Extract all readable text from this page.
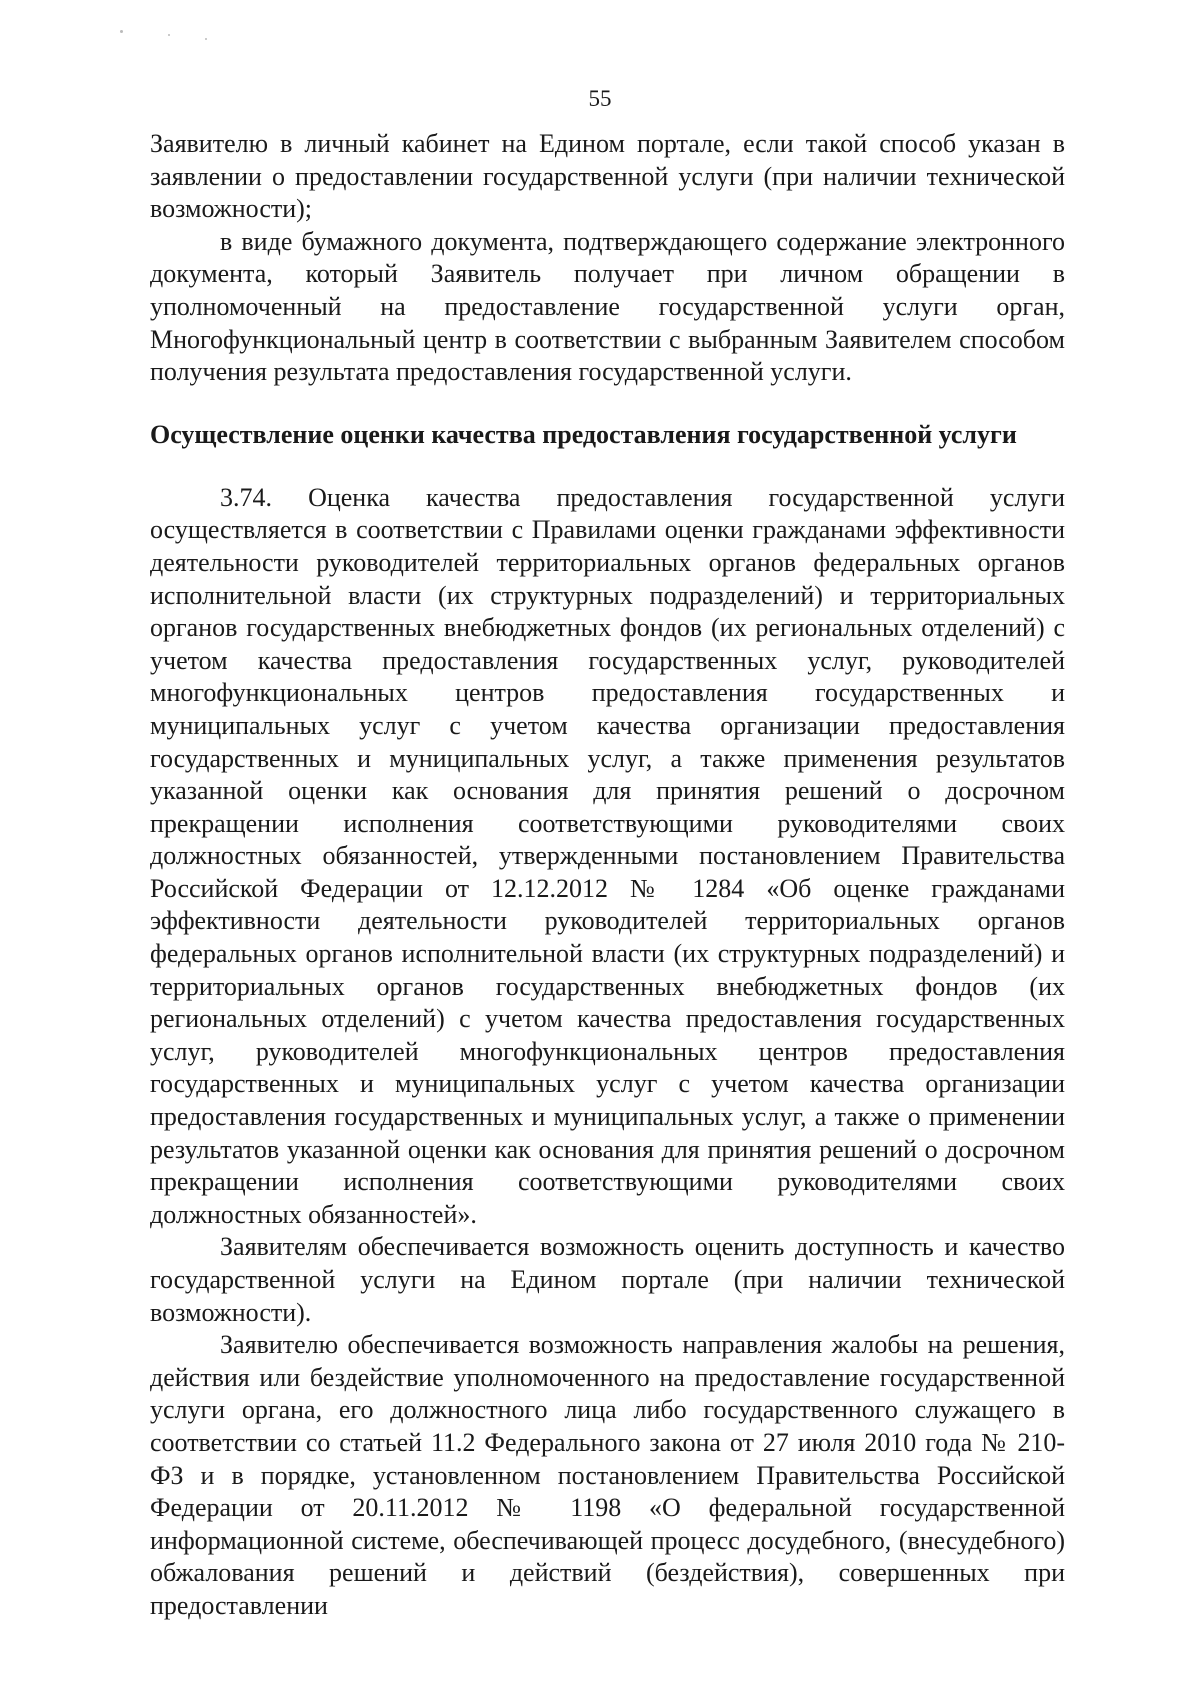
55

Заявителю в личный кабинет на Едином портале, если такой способ указан в заявлении о предоставлении государственной услуги (при наличии технической возможности);

в виде бумажного документа, подтверждающего содержание электронного документа, который Заявитель получает при личном обращении в уполномоченный на предоставление государственной услуги орган, Многофункциональный центр в соответствии с выбранным Заявителем способом получения результата предоставления государственной услуги.

Осуществление оценки качества предоставления государственной услуги

3.74. Оценка качества предоставления государственной услуги осуществляется в соответствии с Правилами оценки гражданами эффективности деятельности руководителей территориальных органов федеральных органов исполнительной власти (их структурных подразделений) и территориальных органов государственных внебюджетных фондов (их региональных отделений) с учетом качества предоставления государственных услуг, руководителей многофункциональных центров предоставления государственных и муниципальных услуг с учетом качества организации предоставления государственных и муниципальных услуг, а также применения результатов указанной оценки как основания для принятия решений о досрочном прекращении исполнения соответствующими руководителями своих должностных обязанностей, утвержденными постановлением Правительства Российской Федерации от 12.12.2012 № 1284 «Об оценке гражданами эффективности деятельности руководителей территориальных органов федеральных органов исполнительной власти (их структурных подразделений) и территориальных органов государственных внебюджетных фондов (их региональных отделений) с учетом качества предоставления государственных услуг, руководителей многофункциональных центров предоставления государственных и муниципальных услуг с учетом качества организации предоставления государственных и муниципальных услуг, а также о применении результатов указанной оценки как основания для принятия решений о досрочном прекращении исполнения соответствующими руководителями своих должностных обязанностей».

Заявителям обеспечивается возможность оценить доступность и качество государственной услуги на Едином портале (при наличии технической возможности).

Заявителю обеспечивается возможность направления жалобы на решения, действия или бездействие уполномоченного на предоставление государственной услуги органа, его должностного лица либо государственного служащего в соответствии со статьей 11.2 Федерального закона от 27 июля 2010 года № 210-ФЗ и в порядке, установленном постановлением Правительства Российской Федерации от 20.11.2012 № 1198 «О федеральной государственной информационной системе, обеспечивающей процесс досудебного, (внесудебного) обжалования решений и действий (бездействия), совершенных при предоставлении
